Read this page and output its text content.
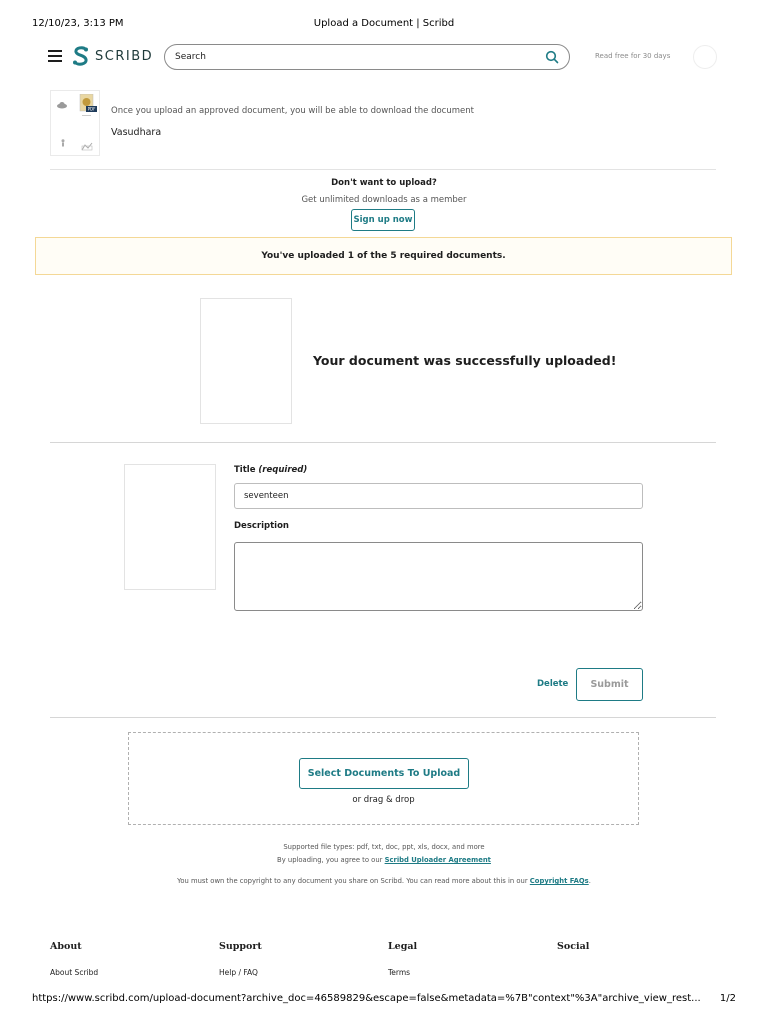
12/10/23, 3:13 PM	Upload a Document | Scribd
SCRIBD
Search	Read free for 30 days
PDF Once you upload an approved document, you will be able to download the document
Vasudhara
Don't want to upload?
Get unlimited downloads as a member
Sign up now
You've uploaded 1 of the 5 required documents.
Your document was successfully uploaded!
Title (required)
seventeen
Description
Delete	Submit
Select Documents To Upload
or drag & drop
Supported file types: pdf, txt, doc, ppt, xls, docx, and more
By uploading, you agree to our Scribd Uploader Agreement
You must own the copyright to any document you share on Scribd. You can read more about this in our Copyright FAQs.
About	Support	Legal	Social
About Scribd	Help / FAQ	Terms
https://www.scribd.com/upload-document?archive_doc=46589829&escape=false&metadata=%7B"context"%3A"archive_view_rest...	1/2
